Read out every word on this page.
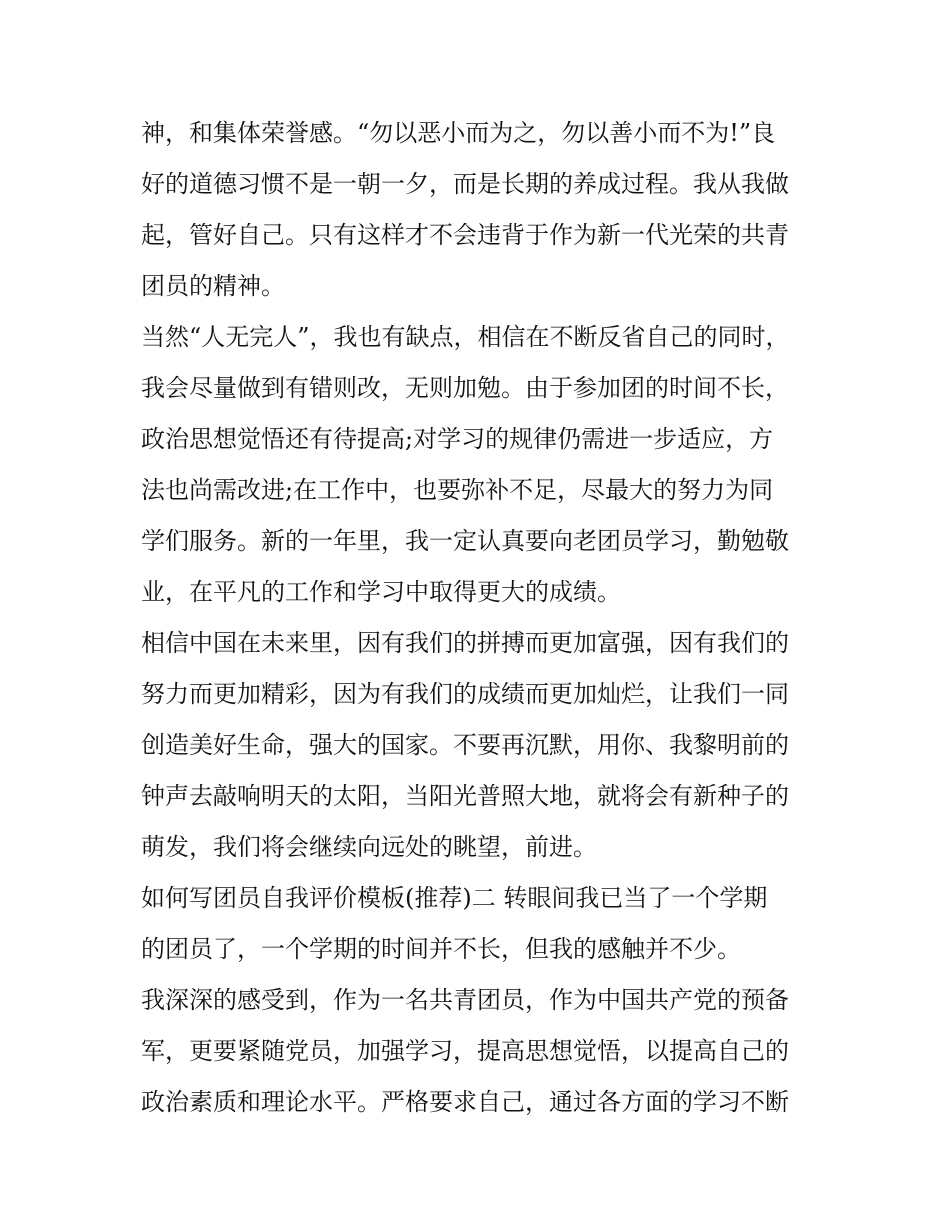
神，和集体荣誉感。“勿以恶小而为之，勿以善小而不为!”良
好的道德习惯不是一朝一夕，而是长期的养成过程。我从我做
起，管好自己。只有这样才不会违背于作为新一代光荣的共青
团员的精神。
当然“人无完人”，我也有缺点，相信在不断反省自己的同时，
我会尽量做到有错则改，无则加勉。由于参加团的时间不长，
政治思想觉悟还有待提高;对学习的规律仍需进一步适应，方
法也尚需改进;在工作中，也要弥补不足，尽最大的努力为同
学们服务。新的一年里，我一定认真要向老团员学习，勤勉敬
业，在平凡的工作和学习中取得更大的成绩。
相信中国在未来里，因有我们的拼搏而更加富强，因有我们的
努力而更加精彩，因为有我们的成绩而更加灿烂，让我们一同
创造美好生命，强大的国家。不要再沉默，用你、我黎明前的
钟声去敲响明天的太阳，当阳光普照大地，就将会有新种子的
萌发，我们将会继续向远处的眺望，前进。
如何写团员自我评价模板(推荐)二 转眼间我已当了一个学期
的团员了，一个学期的时间并不长，但我的感触并不少。
我深深的感受到，作为一名共青团员，作为中国共产党的预备
军，更要紧随党员，加强学习，提高思想觉悟，以提高自己的
政治素质和理论水平。严格要求自己，通过各方面的学习不断
